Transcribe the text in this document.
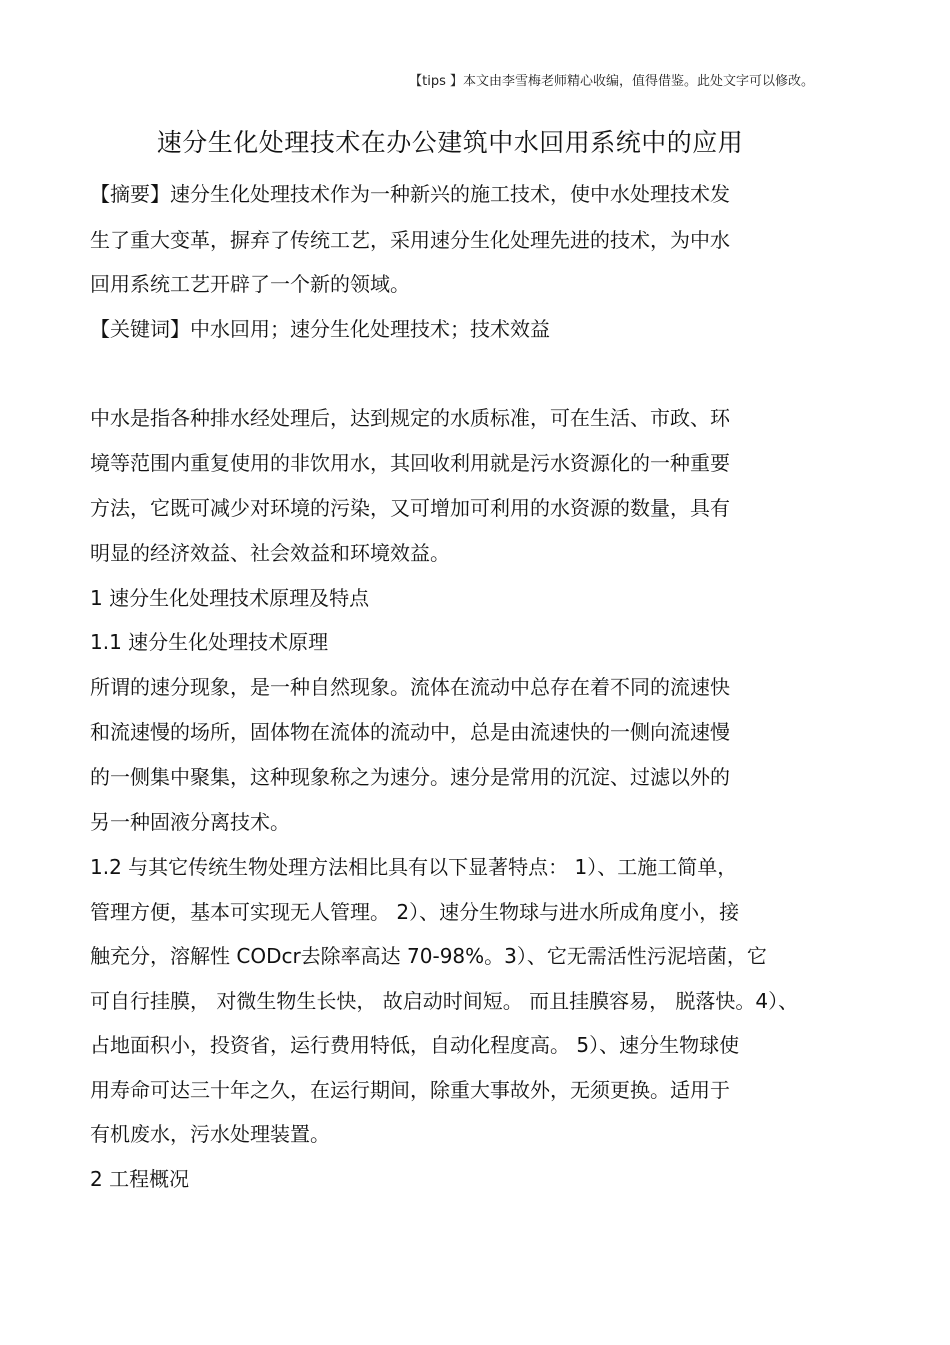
【tips 】本文由李雪梅老师精心收编，值得借鉴。此处文字可以修改。
速分生化处理技术在办公建筑中水回用系统中的应用
【摘要】速分生化处理技术作为一种新兴的施工技术，使中水处理技术发
生了重大变革，摒弃了传统工艺，采用速分生化处理先进的技术，为中水
回用系统工艺开辟了一个新的领域。
【关键词】中水回用；速分生化处理技术；技术效益
中水是指各种排水经处理后，达到规定的水质标准，可在生活、市政、环
境等范围内重复使用的非饮用水，其回收利用就是污水资源化的一种重要
方法，它既可减少对环境的污染，又可增加可利用的水资源的数量，具有
明显的经济效益、社会效益和环境效益。
1 速分生化处理技术原理及特点
1.1 速分生化处理技术原理
所谓的速分现象，是一种自然现象。流体在流动中总存在着不同的流速快
和流速慢的场所，固体物在流体的流动中，总是由流速快的一侧向流速慢
的一侧集中聚集，这种现象称之为速分。速分是常用的沉淀、过滤以外的
另一种固液分离技术。
1.2 与其它传统生物处理方法相比具有以下显著特点： 1）、工施工简单，
管理方便，基本可实现无人管理。 2）、速分生物球与进水所成角度小，接
触充分，溶解性 CODcr去除率高达 70-98%。3）、它无需活性污泥培菌，它
可自行挂膜， 对微生物生长快， 故启动时间短。 而且挂膜容易， 脱落快。4）、
占地面积小，投资省，运行费用特低，自动化程度高。 5）、速分生物球使
用寿命可达三十年之久，在运行期间，除重大事故外，无须更换。适用于
有机废水，污水处理装置。
2 工程概况
